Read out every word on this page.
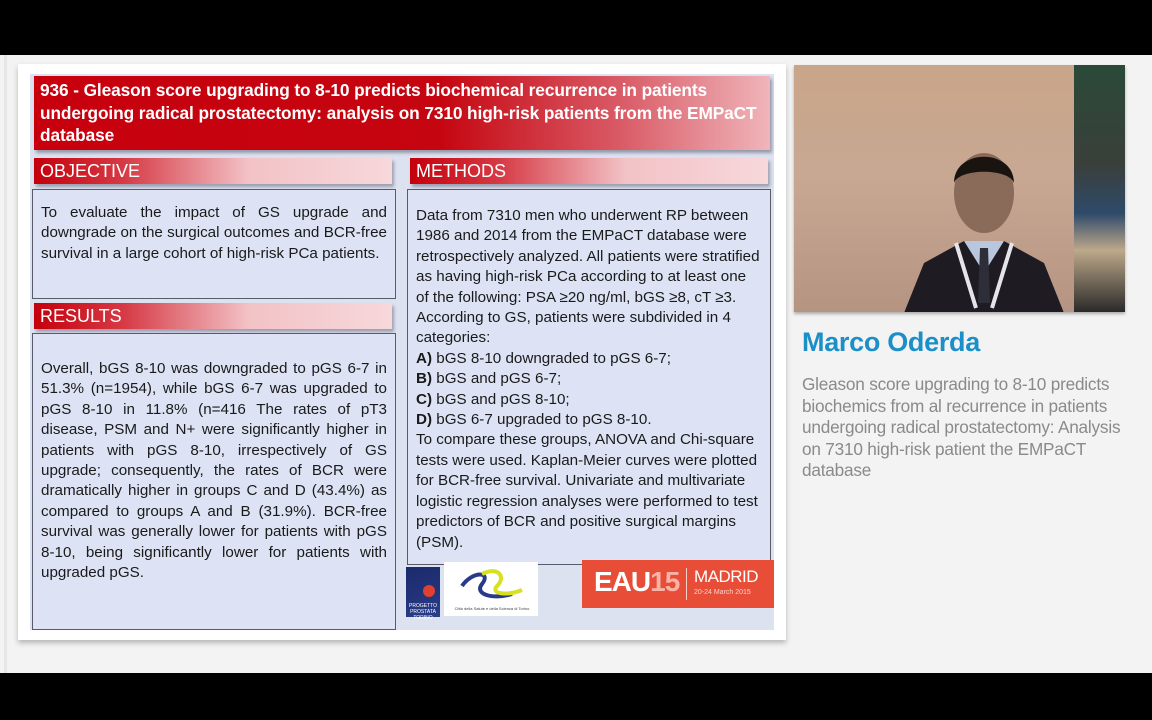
936 - Gleason score upgrading to 8-10 predicts biochemical recurrence in patients undergoing radical prostatectomy: analysis on 7310 high-risk patients from the EMPaCT database
OBJECTIVE
To evaluate the impact of GS upgrade and downgrade on the surgical outcomes and BCR-free survival in a large cohort of high-risk PCa patients.
RESULTS
Overall, bGS 8-10 was downgraded to pGS 6-7 in 51.3% (n=1954), while bGS 6-7 was upgraded to pGS 8-10 in 11.8% (n=416 The rates of pT3 disease, PSM and N+ were significantly higher in patients with pGS 8-10, irrespectively of GS upgrade; consequently, the rates of BCR were dramatically higher in groups C and D (43.4%) as compared to groups A and B (31.9%). BCR-free survival was generally lower for patients with pGS 8-10, being significantly lower for patients with upgraded pGS.
METHODS
Data from 7310 men who underwent RP between 1986 and 2014 from the EMPaCT database were retrospectively analyzed. All patients were stratified as having high-risk PCa according to at least one of the following: PSA ≥20 ng/ml, bGS ≥8, cT ≥3. According to GS, patients were subdivided in 4 categories:
A) bGS 8-10 downgraded to pGS 6-7;
B) bGS and pGS 6-7;
C) bGS and pGS 8-10;
D) bGS 6-7 upgraded to pGS 8-10.
To compare these groups, ANOVA and Chi-square tests were used. Kaplan-Meier curves were plotted for BCR-free survival. Univariate and multivariate logistic regression analyses were performed to test predictors of BCR and positive surgical margins (PSM).
PROGETTO PROSTATA TORINO
Città della Salute e della Scienza di Torino
EAU15 MADRID
20-24 March 2015
Marco Oderda
Gleason score upgrading to 8-10 predicts biochemics from al recurrence in patients undergoing radical prostatectomy: Analysis on 7310 high-risk patient the EMPaCT database
